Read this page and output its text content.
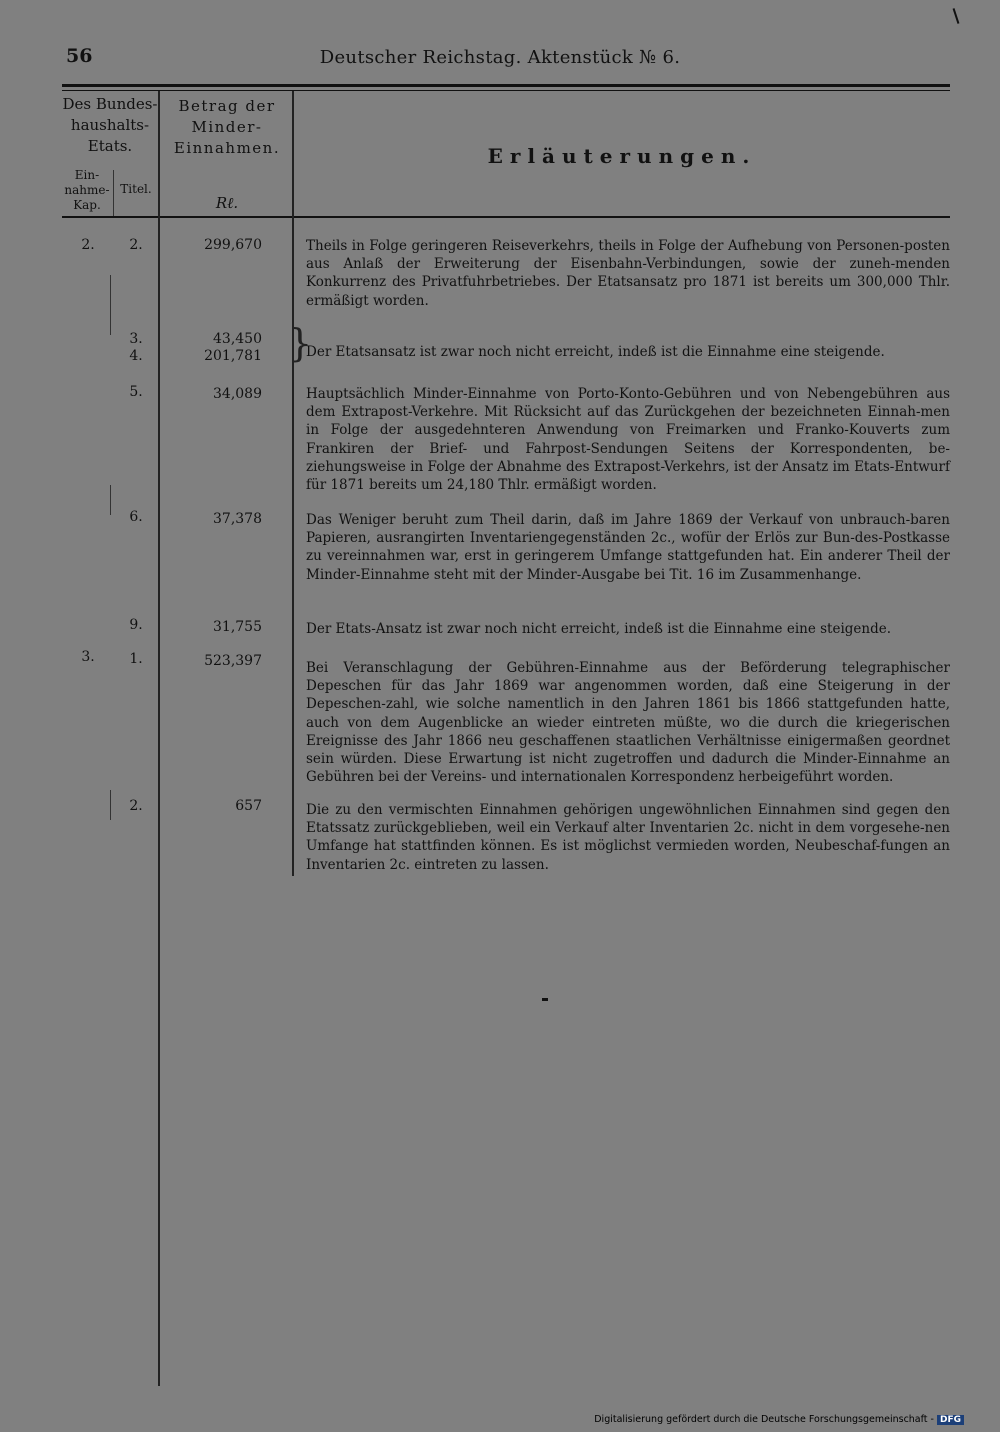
56	Deutscher Reichstag. Aktenstück № 6.
Des Bundes-haushalts-Etats.
Ein-nahme-Kap.
Titel.
Betrag der Minder-Einnahmen.
Rℓ.
Erläuterungen.
2.	2.	299,670	Theils in Folge geringeren Reiseverkehrs, theils in Folge der Aufhebung von Personen-posten aus Anlaß der Erweiterung der Eisenbahn-Verbindungen, sowie der zuneh-menden Konkurrenz des Privatfuhrbetriebes. Der Etatsansatz pro 1871 ist bereits um 300,000 Thlr. ermäßigt worden.
3.	43,450
4.	201,781 }
Der Etatsansatz ist zwar noch nicht erreicht, indeß ist die Einnahme eine steigende.
5.	34,089	Hauptsächlich Minder-Einnahme von Porto-Konto-Gebühren und von Nebengebühren aus dem Extrapost-Verkehre. Mit Rücksicht auf das Zurückgehen der bezeichneten Einnah-men in Folge der ausgedehnteren Anwendung von Freimarken und Franko-Kouverts zum Frankiren der Brief- und Fahrpost-Sendungen Seitens der Korrespondenten, be-ziehungsweise in Folge der Abnahme des Extrapost-Verkehrs, ist der Ansatz im Etats-Entwurf für 1871 bereits um 24,180 Thlr. ermäßigt worden.
6.	37,378	Das Weniger beruht zum Theil darin, daß im Jahre 1869 der Verkauf von unbrauch-baren Papieren, ausrangirten Inventariengegenständen 2c., wofür der Erlös zur Bun-des-Postkasse zu vereinnahmen war, erst in geringerem Umfange stattgefunden hat. Ein anderer Theil der Minder-Einnahme steht mit der Minder-Ausgabe bei Tit. 16 im Zusammenhange.
9.	31,755	Der Etats-Ansatz ist zwar noch nicht erreicht, indeß ist die Einnahme eine steigende.
3.	1.	523,397	Bei Veranschlagung der Gebühren-Einnahme aus der Beförderung telegraphischer Depeschen für das Jahr 1869 war angenommen worden, daß eine Steigerung in der Depeschen-zahl, wie solche namentlich in den Jahren 1861 bis 1866 stattgefunden hatte, auch von dem Augenblicke an wieder eintreten müßte, wo die durch die kriegerischen Ereignisse des Jahr 1866 neu geschaffenen staatlichen Verhältnisse einigermaßen geordnet sein würden. Diese Erwartung ist nicht zugetroffen und dadurch die Minder-Einnahme an Gebühren bei der Vereins- und internationalen Korrespondenz herbeigeführt worden.
2.	657	Die zu den vermischten Einnahmen gehörigen ungewöhnlichen Einnahmen sind gegen den Etatssatz zurückgeblieben, weil ein Verkauf alter Inventarien 2c. nicht in dem vorgesehe-nen Umfange hat stattfinden können. Es ist möglichst vermieden worden, Neubeschaf-fungen an Inventarien 2c. eintreten zu lassen.
Digitalisierung gefördert durch die Deutsche Forschungsgemeinschaft - DFG
